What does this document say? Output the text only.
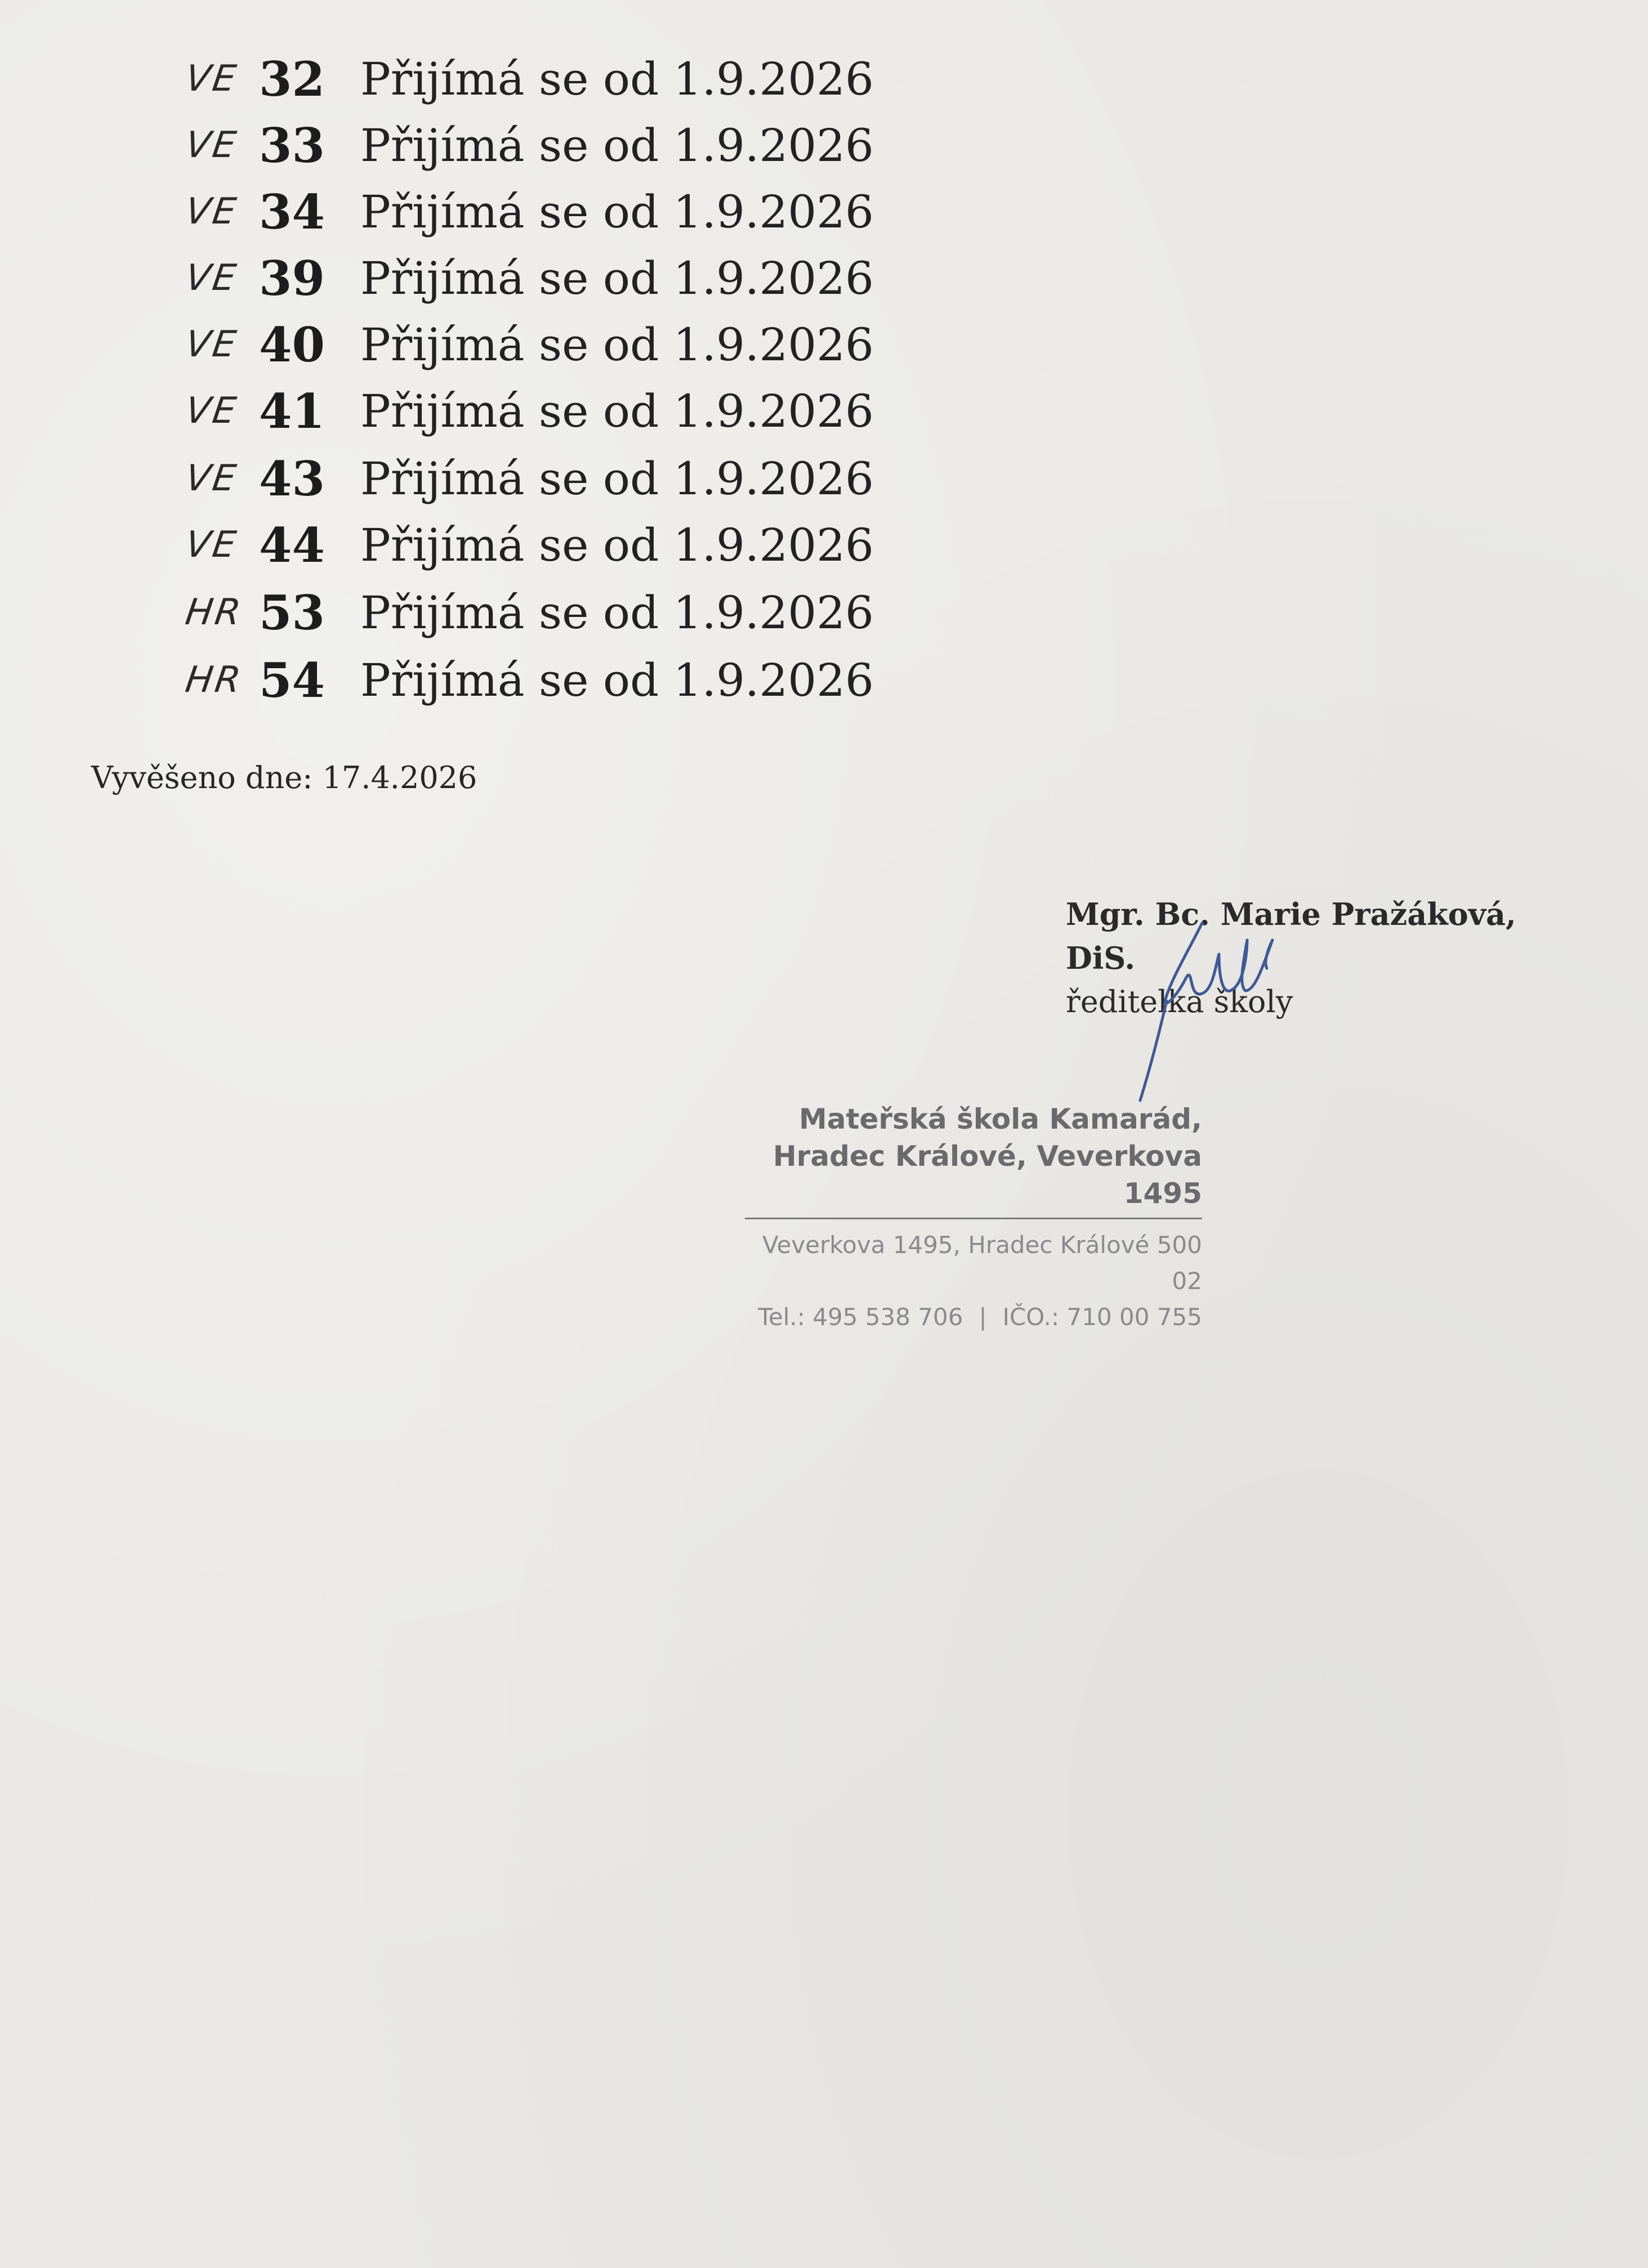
VE 32 Přijímá se od 1.9.2026
VE 33 Přijímá se od 1.9.2026
VE 34 Přijímá se od 1.9.2026
VE 39 Přijímá se od 1.9.2026
VE 40 Přijímá se od 1.9.2026
VE 41 Přijímá se od 1.9.2026
VE 43 Přijímá se od 1.9.2026
VE 44 Přijímá se od 1.9.2026
HR 53 Přijímá se od 1.9.2026
HR 54 Přijímá se od 1.9.2026
Vyvěšeno dne: 17.4.2026
Mgr. Bc. Marie Pražáková,
DiS.
ředitelka školy
Mateřská škola Kamarád,
Hradec Králové, Veverkova 1495
Veverkova 1495, Hradec Králové 500 02
Tel.: 495 538 706 | IČO.: 710 00 755
